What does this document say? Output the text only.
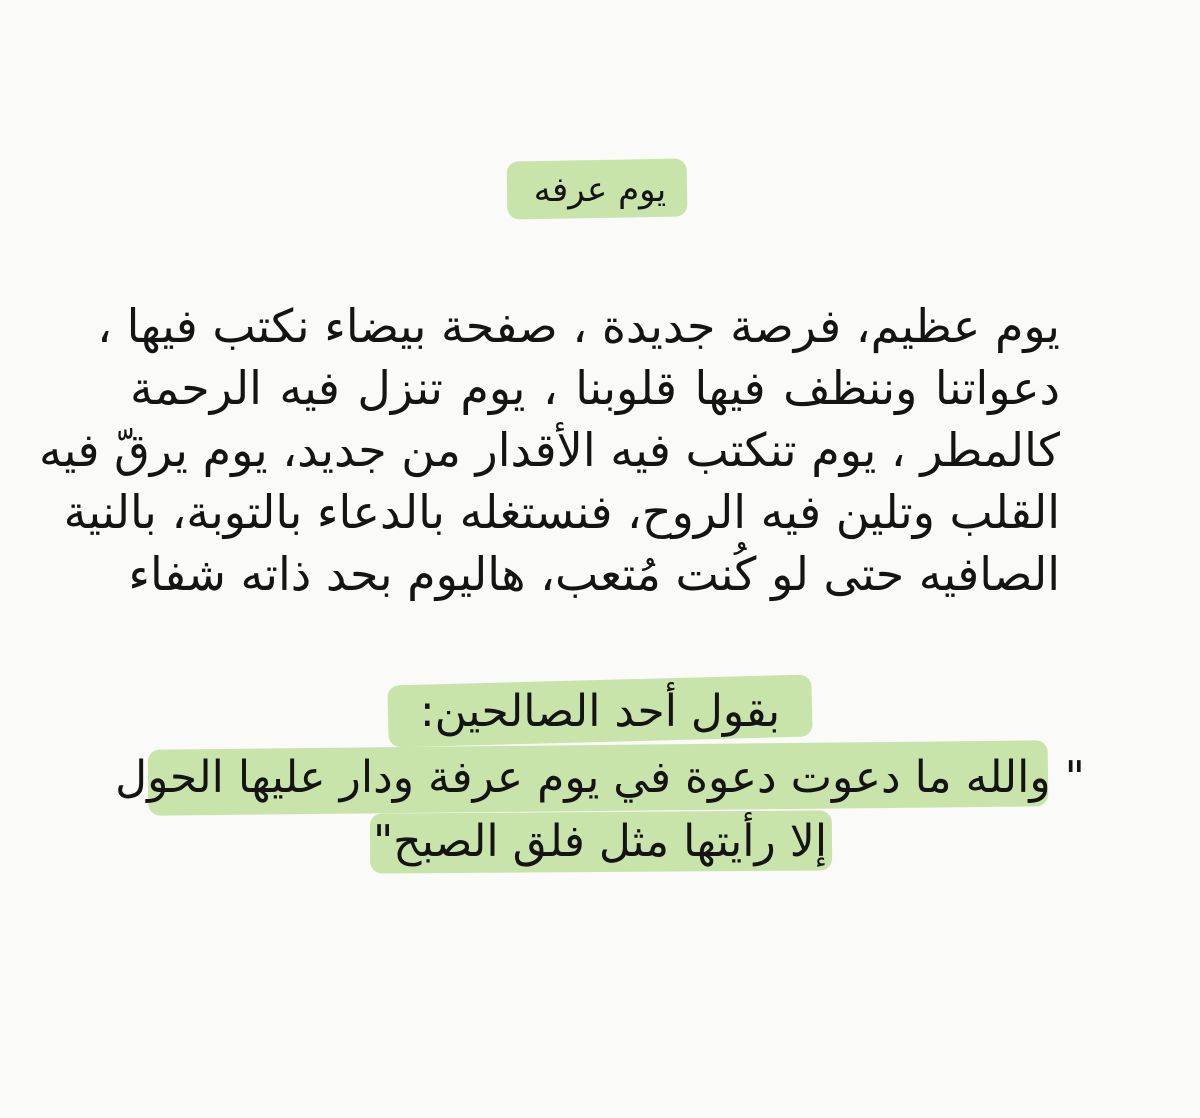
يوم عرفه
يوم عظيم، فرصة جديدة ، صفحة بيضاء نكتب فيها ،
دعواتنا وننظف فيها قلوبنا ، يوم تنزل فيه الرحمة
كالمطر ، يوم تنكتب فيه الأقدار من جديد، يوم يرقّ فيه
القلب وتلين فيه الروح، فنستغله بالدعاء بالتوبة، بالنية
الصافيه حتى لو كُنت مُتعب، هاليوم بحد ذاته شفاء
بقول أحد الصالحين:
" والله ما دعوت دعوة في يوم عرفة ودار عليها الحول
إلا رأيتها مثل فلق الصبح"
